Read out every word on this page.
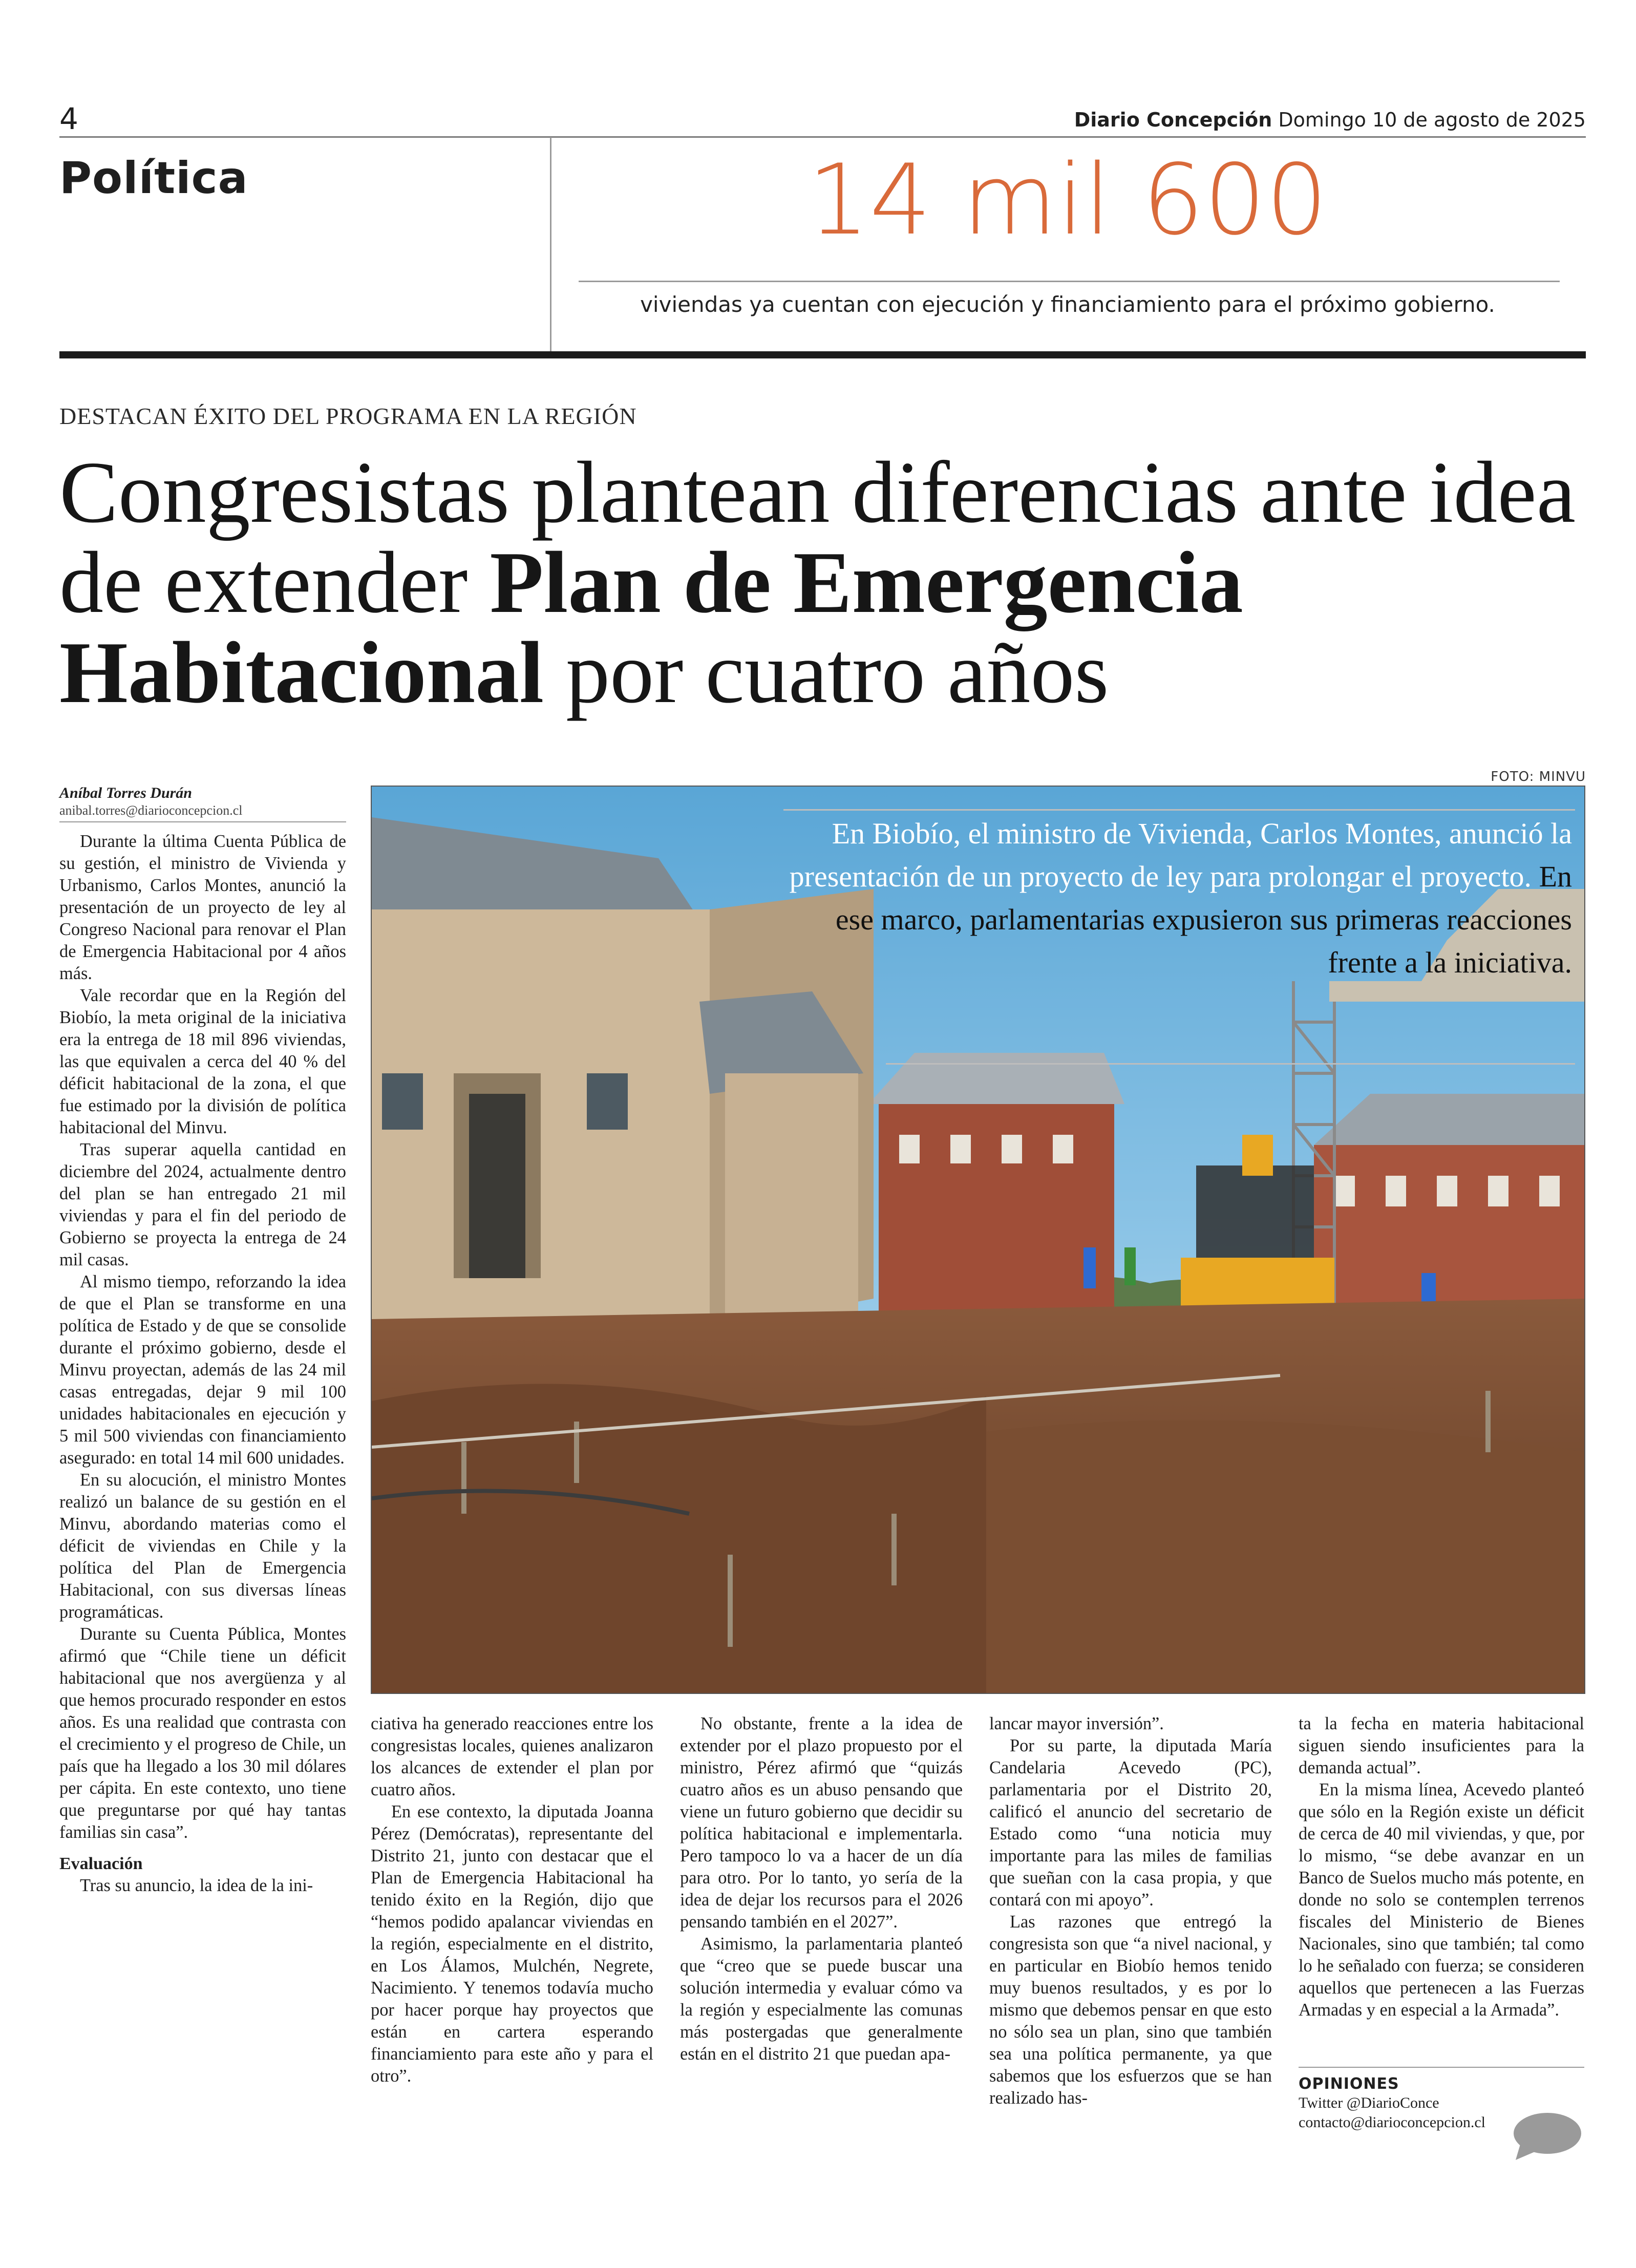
4	Diario Concepción Domingo 10 de agosto de 2025
Política	14 mil 600
viviendas ya cuentan con ejecución y financiamiento para el próximo gobierno.
DESTACAN ÉXITO DEL PROGRAMA EN LA REGIÓN
Congresistas plantean diferencias ante idea de extender Plan de Emergencia Habitacional por cuatro años
Aníbal Torres Durán
anibal.torres@diarioconcepcion.cl
FOTO: MINVU
En Biobío, el ministro de Vivienda, Carlos Montes, anunció la presentación de un proyecto de ley para prolongar el proyecto. En ese marco, parlamentarias expusieron sus primeras reacciones frente a la iniciativa.

Durante la última Cuenta Pública de su gestión, el ministro de Vivienda y Urbanismo, Carlos Montes, anunció la presentación de un proyecto de ley al Congreso Nacional para renovar el Plan de Emergencia Habitacional por 4 años más.

Vale recordar que en la Región del Biobío, la meta original de la iniciativa era la entrega de 18 mil 896 viviendas, las que equivalen a cerca del 40 % del déficit habitacional de la zona, el que fue estimado por la división de política habitacional del Minvu.

Tras superar aquella cantidad en diciembre del 2024, actualmente dentro del plan se han entregado 21 mil viviendas y para el fin del periodo de Gobierno se proyecta la entrega de 24 mil casas.

Al mismo tiempo, reforzando la idea de que el Plan se transforme en una política de Estado y de que se consolide durante el próximo gobierno, desde el Minvu proyectan, además de las 24 mil casas entregadas, dejar 9 mil 100 unidades habitacionales en ejecución y 5 mil 500 viviendas con financiamiento asegurado: en total 14 mil 600 unidades.

En su alocución, el ministro Montes realizó un balance de su gestión en el Minvu, abordando materias como el déficit de viviendas en Chile y la política del Plan de Emergencia Habitacional, con sus diversas líneas programáticas.

Durante su Cuenta Pública, Montes afirmó que “Chile tiene un déficit habitacional que nos avergüenza y al que hemos procurado responder en estos años. Es una realidad que contrasta con el crecimiento y el progreso de Chile, un país que ha llegado a los 30 mil dólares per cápita. En este contexto, uno tiene que preguntarse por qué hay tantas familias sin casa”.

Evaluación

Tras su anuncio, la idea de la ini-

ciativa ha generado reacciones entre los congresistas locales, quienes analizaron los alcances de extender el plan por cuatro años.

En ese contexto, la diputada Joanna Pérez (Demócratas), representante del Distrito 21, junto con destacar que el Plan de Emergencia Habitacional ha tenido éxito en la Región, dijo que “hemos podido apalancar viviendas en la región, especialmente en el distrito, en Los Álamos, Mulchén, Negrete, Nacimiento. Y tenemos todavía mucho por hacer porque hay proyectos que están en cartera esperando financiamiento para este año y para el otro”.

No obstante, frente a la idea de extender por el plazo propuesto por el ministro, Pérez afirmó que “quizás cuatro años es un abuso pensando que viene un futuro gobierno que decidir su política habitacional e implementarla. Pero tampoco lo va a hacer de un día para otro. Por lo tanto, yo sería de la idea de dejar los recursos para el 2026 pensando también en el 2027”.

Asimismo, la parlamentaria planteó que “creo que se puede buscar una solución intermedia y evaluar cómo va la región y especialmente las comunas más postergadas que generalmente están en el distrito 21 que puedan apa-

lancar mayor inversión”.

Por su parte, la diputada María Candelaria Acevedo (PC), parlamentaria por el Distrito 20, calificó el anuncio del secretario de Estado como “una noticia muy importante para las miles de familias que sueñan con la casa propia, y que contará con mi apoyo”.

Las razones que entregó la congresista son que “a nivel nacional, y en particular en Biobío hemos tenido muy buenos resultados, y es por lo mismo que debemos pensar en que esto no sólo sea un plan, sino que también sea una política permanente, ya que sabemos que los esfuerzos que se han realizado has-

ta la fecha en materia habitacional siguen siendo insuficientes para la demanda actual”.

En la misma línea, Acevedo planteó que sólo en la Región existe un déficit de cerca de 40 mil viviendas, y que, por lo mismo, “se debe avanzar en un Banco de Suelos mucho más potente, en donde no solo se contemplen terrenos fiscales del Ministerio de Bienes Nacionales, sino que también; tal como lo he señalado con fuerza; se consideren aquellos que pertenecen a las Fuerzas Armadas y en especial a la Armada”.

OPINIONES
Twitter @DiarioConce
contacto@diarioconcepcion.cl
